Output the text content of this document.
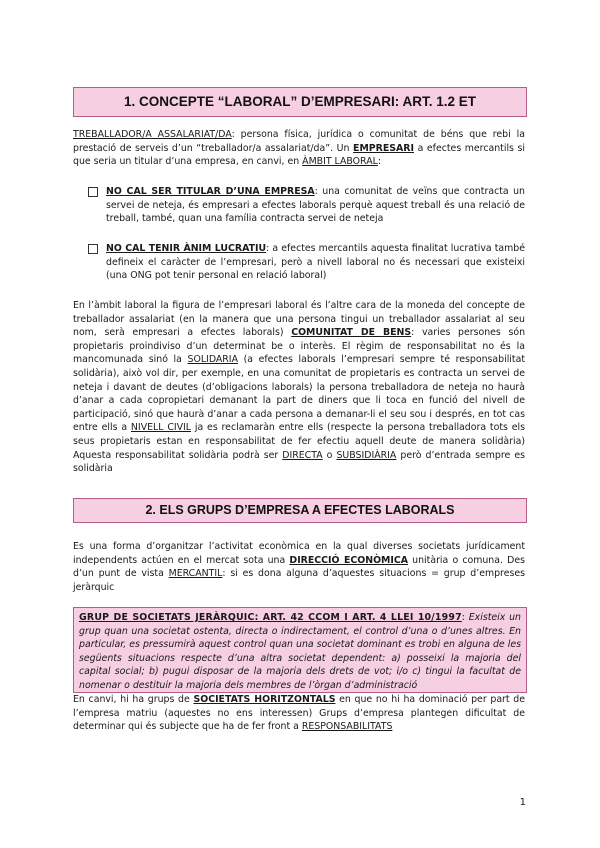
1. CONCEPTE “LABORAL” D’EMPRESARI: ART. 1.2 ET

TREBALLADOR/A ASSALARIAT/DA: persona física, jurídica o comunitat de béns que rebi la prestació de serveis d’un “treballador/a assalariat/da”. Un EMPRESARI a efectes mercantils si que seria un titular d’una empresa, en canvi, en ÀMBIT LABORAL:

NO CAL SER TITULAR D’UNA EMPRESA: una comunitat de veïns que contracta un servei de neteja, és empresari a efectes laborals perquè aquest treball és una relació de treball, també, quan una família contracta servei de neteja

NO CAL TENIR ÀNIM LUCRATIU: a efectes mercantils aquesta finalitat lucrativa també defineix el caràcter de l’empresari, però a nivell laboral no és necessari que existeixi (una ONG pot tenir personal en relació laboral)

En l’àmbit laboral la figura de l’empresari laboral és l’altre cara de la moneda del concepte de treballador assalariat (en la manera que una persona tingui un treballador assalariat al seu nom, serà empresari a efectes laborals) COMUNITAT DE BENS: varies persones són propietaris proindiviso d’un determinat be o interès. El règim de responsabilitat no és la mancomunada sinó la SOLIDARIA (a efectes laborals l’empresari sempre té responsabilitat solidària), això vol dir, per exemple, en una comunitat de propietaris es contracta un servei de neteja i davant de deutes (d’obligacions laborals) la persona treballadora de neteja no haurà d’anar a cada copropietari demanant la part de diners que li toca en funció del nivell de participació, sinó que haurà d’anar a cada persona a demanar-li el seu sou i després, en tot cas entre ells a NIVELL CIVIL ja es reclamaràn entre ells (respecte la persona treballadora tots els seus propietaris estan en responsabilitat de fer efectiu aquell deute de manera solidària) Aquesta responsabilitat solidària podrà ser DIRECTA o SUBSIDIÀRIA però d’entrada sempre es solidària

2. ELS GRUPS D’EMPRESA A EFECTES LABORALS

Es una forma d’organitzar l’activitat econòmica en la qual diverses societats jurídicament independents actúen en el mercat sota una DIRECCIÓ ECONÒMICA unitària o comuna. Des d’un punt de vista MERCANTIL: si es dona alguna d’aquestes situacions = grup d’empreses jeràrquic

GRUP DE SOCIETATS JERÀRQUIC: ART. 42 CCOM I ART. 4 LLEI 10/1997: Existeix un grup quan una societat ostenta, directa o indirectament, el control d’una o d’unes altres. En particular, es pressumirà aquest control quan una societat dominant es trobi en alguna de les següents situacions respecte d’una altra societat dependent: a) posseixi la majoria del capital social; b) pugui disposar de la majoria dels drets de vot; i/o c) tingui la facultat de nomenar o destituir la majoria dels membres de l’òrgan d’administració

En canvi, hi ha grups de SOCIETATS HORITZONTALS en que no hi ha dominació per part de l’empresa matriu (aquestes no ens interessen) Grups d’empresa plantegen dificultat de determinar qui és subjecte que ha de fer front a RESPONSABILITATS

1
